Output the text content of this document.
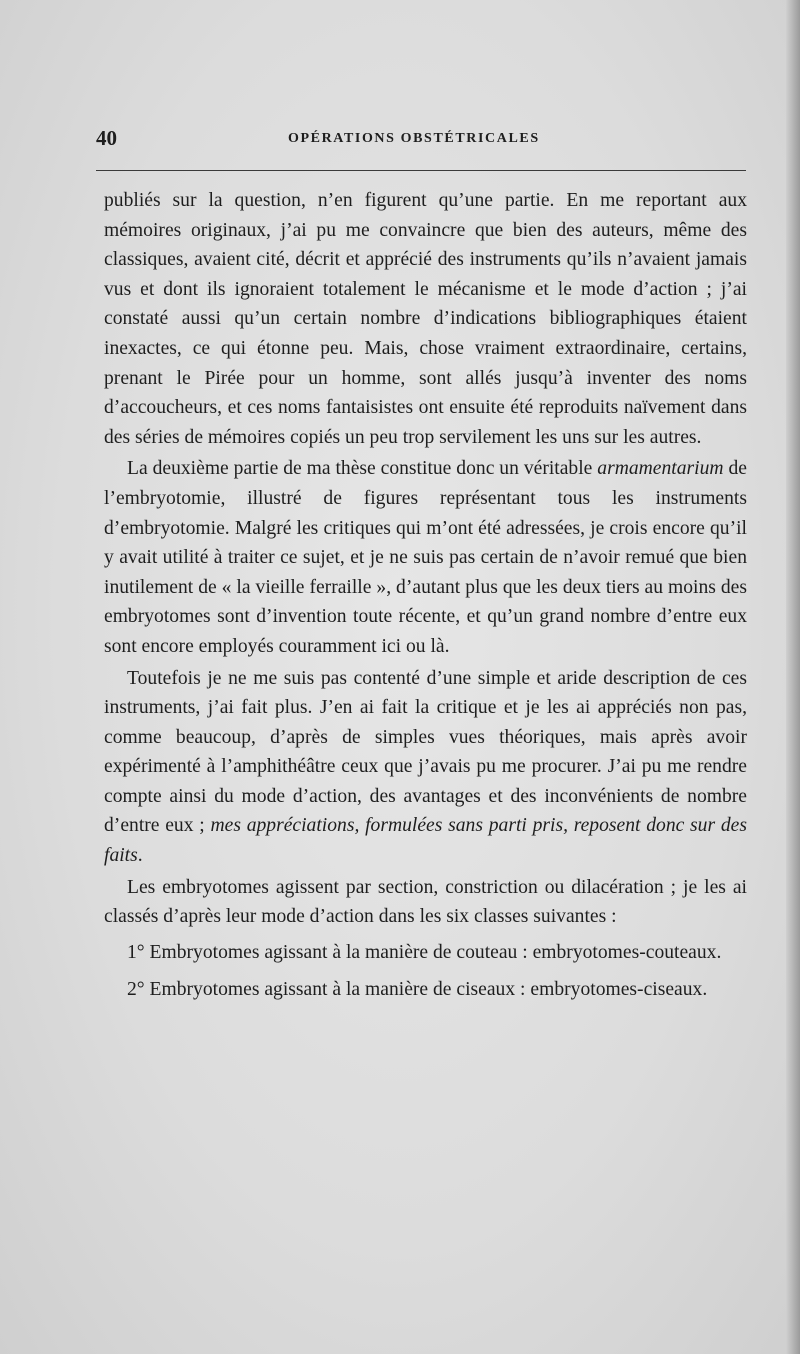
40	OPÉRATIONS OBSTÉTRICALES

publiés sur la question, n’en figurent qu’une partie. En me reportant aux mémoires originaux, j’ai pu me convaincre que bien des auteurs, même des classiques, avaient cité, décrit et apprécié des instruments qu’ils n’avaient jamais vus et dont ils ignoraient totalement le mécanisme et le mode d’action ; j’ai constaté aussi qu’un certain nombre d’indications bibliographiques étaient inexactes, ce qui étonne peu. Mais, chose vraiment extraordinaire, certains, prenant le Pirée pour un homme, sont allés jusqu’à inventer des noms d’accoucheurs, et ces noms fantaisistes ont ensuite été reproduits naïvement dans des séries de mémoires copiés un peu trop servilement les uns sur les autres.

La deuxième partie de ma thèse constitue donc un véritable armamentarium de l’embryotomie, illustré de figures représentant tous les instruments d’embryotomie. Malgré les critiques qui m’ont été adressées, je crois encore qu’il y avait utilité à traiter ce sujet, et je ne suis pas certain de n’avoir remué que bien inutilement de « la vieille ferraille », d’autant plus que les deux tiers au moins des embryotomes sont d’invention toute récente, et qu’un grand nombre d’entre eux sont encore employés couramment ici ou là.

Toutefois je ne me suis pas contenté d’une simple et aride description de ces instruments, j’ai fait plus. J’en ai fait la critique et je les ai appréciés non pas, comme beaucoup, d’après de simples vues théoriques, mais après avoir expérimenté à l’amphithéâtre ceux que j’avais pu me procurer. J’ai pu me rendre compte ainsi du mode d’action, des avantages et des inconvénients de nombre d’entre eux ; mes appréciations, formulées sans parti pris, reposent donc sur des faits.

Les embryotomes agissent par section, constriction ou dilacération ; je les ai classés d’après leur mode d’action dans les six classes suivantes :

1° Embryotomes agissant à la manière de couteau : embryotomes-couteaux.

2° Embryotomes agissant à la manière de ciseaux : embryotomes-ciseaux.
